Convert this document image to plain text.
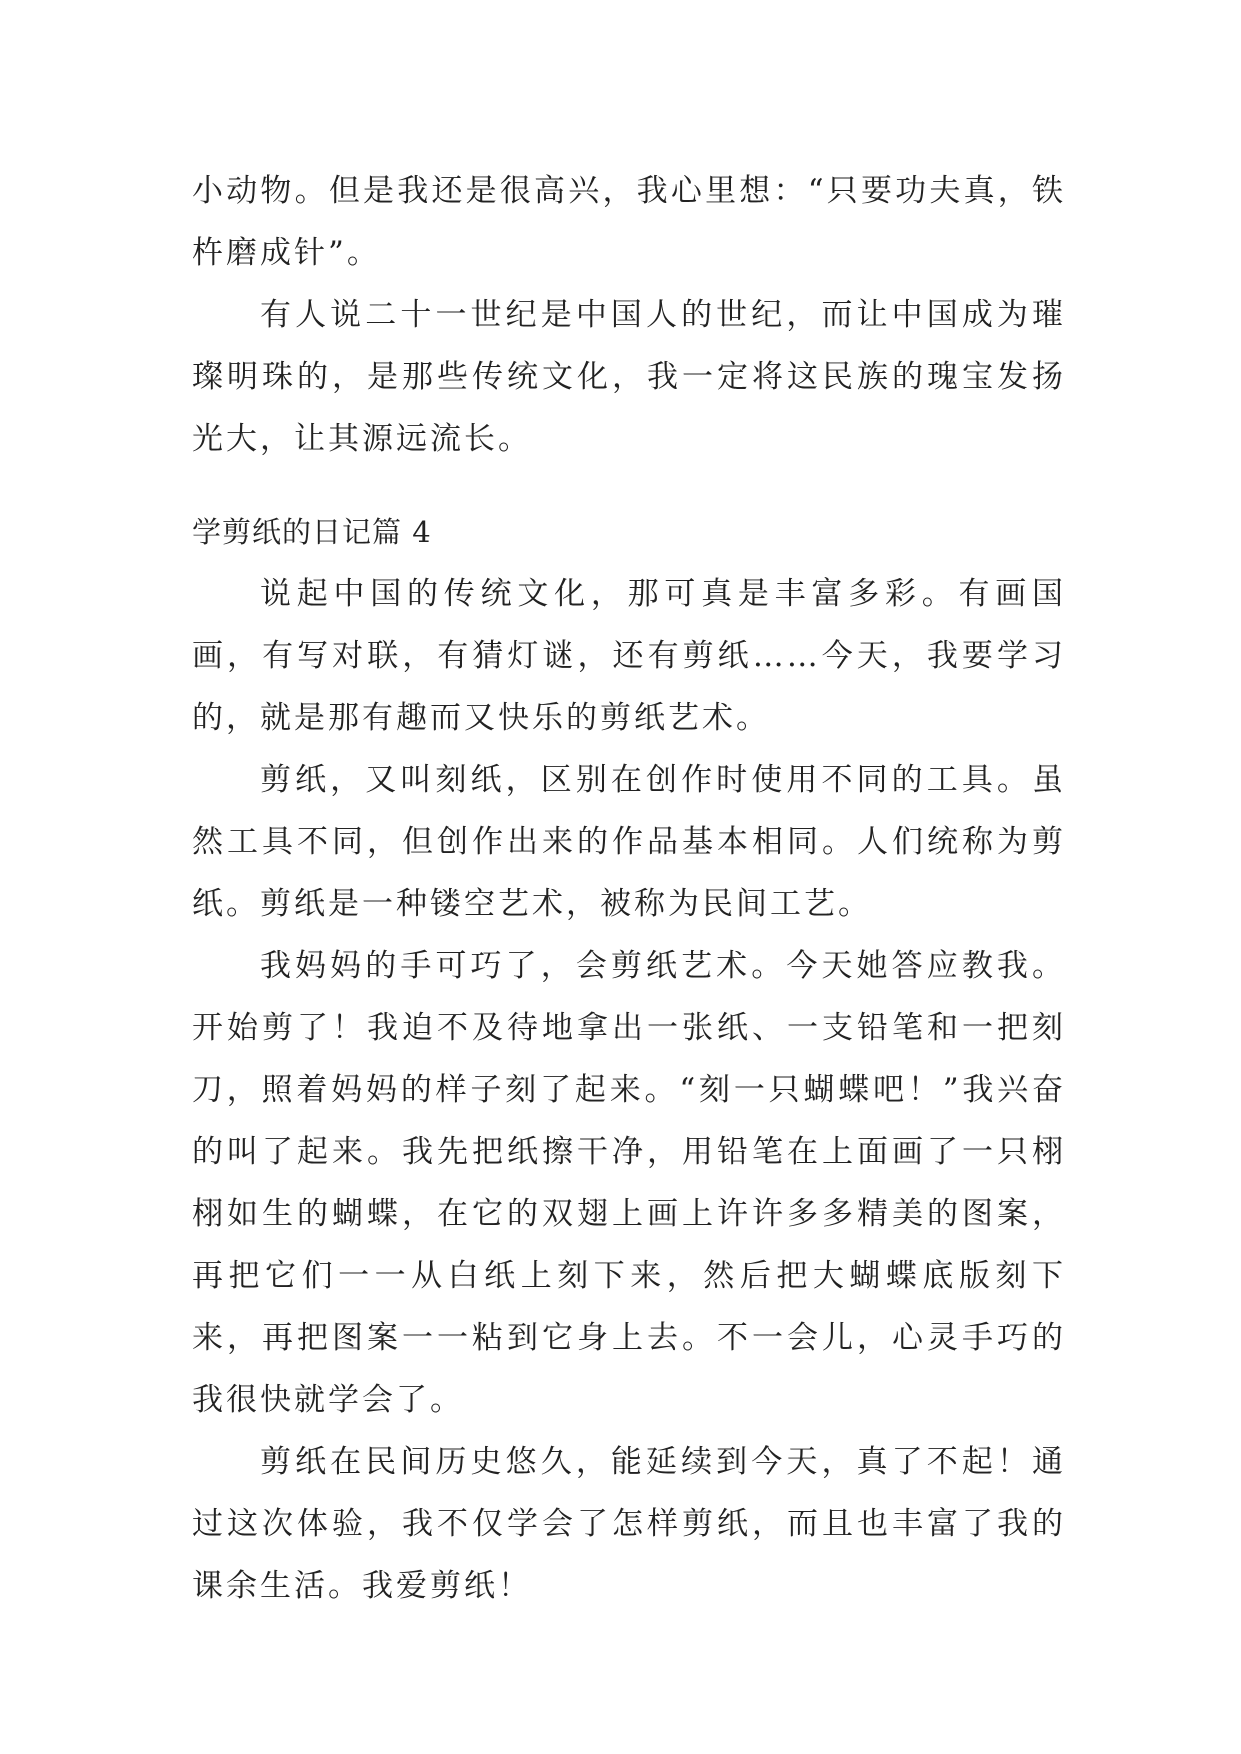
小动物。但是我还是很高兴，我心里想：“只要功夫真，铁杵磨成针”。

有人说二十一世纪是中国人的世纪，而让中国成为璀璨明珠的，是那些传统文化，我一定将这民族的瑰宝发扬光大，让其源远流长。

学剪纸的日记篇 4

说起中国的传统文化，那可真是丰富多彩。有画国画，有写对联，有猜灯谜，还有剪纸……今天，我要学习的，就是那有趣而又快乐的剪纸艺术。

剪纸，又叫刻纸，区别在创作时使用不同的工具。虽然工具不同，但创作出来的作品基本相同。人们统称为剪纸。剪纸是一种镂空艺术，被称为民间工艺。

我妈妈的手可巧了，会剪纸艺术。今天她答应教我。开始剪了！我迫不及待地拿出一张纸、一支铅笔和一把刻刀，照着妈妈的样子刻了起来。“刻一只蝴蝶吧！”我兴奋的叫了起来。我先把纸擦干净，用铅笔在上面画了一只栩栩如生的蝴蝶，在它的双翅上画上许许多多精美的图案，再把它们一一从白纸上刻下来，然后把大蝴蝶底版刻下来，再把图案一一粘到它身上去。不一会儿，心灵手巧的我很快就学会了。

剪纸在民间历史悠久，能延续到今天，真了不起！通过这次体验，我不仅学会了怎样剪纸，而且也丰富了我的课余生活。我爱剪纸！
